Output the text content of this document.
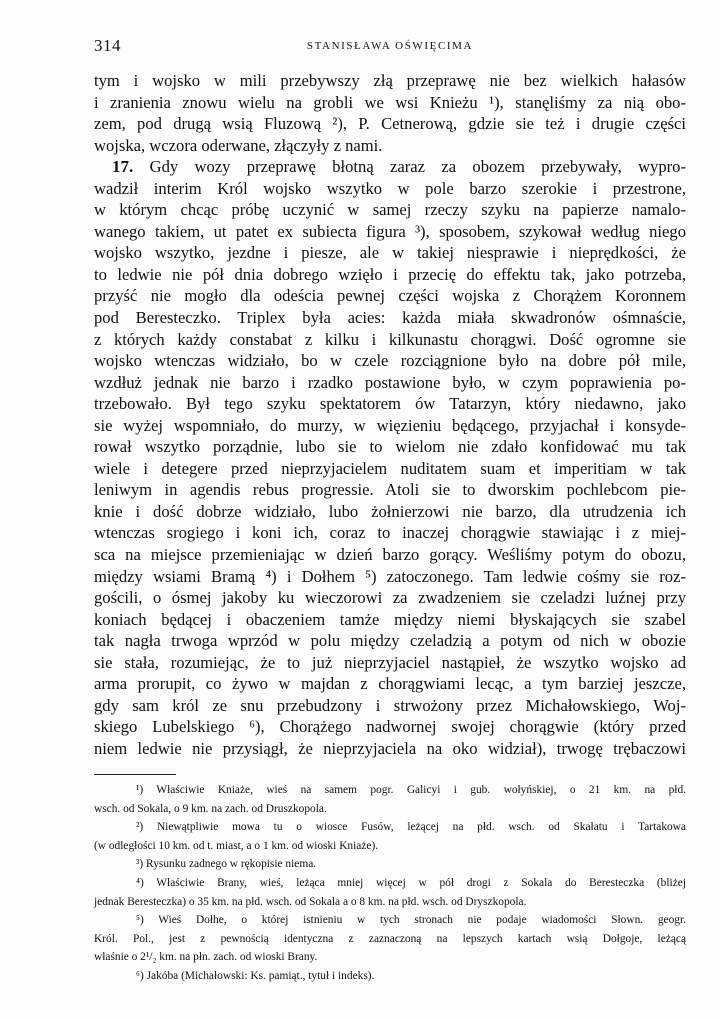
314	STANISŁAWA OŚWIĘCIMA
tym i wojsko w mili przebywszy złą przeprawę nie bez wielkich hałasów
i zranienia znowu wielu na grobli we wsi Knieżu ¹), stanęliśmy za nią obo-
zem, pod drugą wsią Fluzową ²), P. Cetnerową, gdzie sie też i drugie części
wojska, wczora oderwane, złączyły z nami.
17. Gdy wozy przeprawę błotną zaraz za obozem przebywały, wypro-
wadził interim Król wojsko wszytko w pole barzo szerokie i przestrone,
w którym chcąc próbę uczynić w samej rzeczy szyku na papierze namalo-
wanego takiem, ut patet ex subiecta figura ³), sposobem, szykował według niego
wojsko wszytko, jezdne i piesze, ale w takiej niesprawie i nieprędkości, że
to ledwie nie pół dnia dobrego wzięło i przecię do effektu tak, jako potrzeba,
przyść nie mogło dla odeścia pewnej części wojska z Chorążem Koronnem
pod Beresteczko. Triplex była acies: każda miała skwadronów ośmnaście,
z których każdy constabat z kilku i kilkunastu chorągwi. Dość ogromne sie
wojsko wtenczas widziało, bo w czele rozciągnione było na dobre pół mile,
wzdłuż jednak nie barzo i rzadko postawione było, w czym poprawienia po-
trzebowało. Był tego szyku spektatorem ów Tatarzyn, który niedawno, jako
sie wyżej wspomniało, do murzy, w więzieniu będącego, przyjachał i konsyde-
rował wszytko porządnie, lubo sie to wielom nie zdało konfidować mu tak
wiele i detegere przed nieprzyjacielem nuditatem suam et imperitiam w tak
leniwym in agendis rebus progressie. Atoli sie to dworskim pochlebcom pie-
knie i dość dobrze widziało, lubo żołnierzowi nie barzo, dla utrudzenia ich
wtenczas srogiego i koni ich, coraz to inaczej chorągwie stawiając i z miej-
sca na miejsce przemieniając w dzień barzo gorący. Weśliśmy potym do obozu,
między wsiami Bramą ⁴) i Dołhem ⁵) zatoczonego. Tam ledwie cośmy sie roz-
gościli, o ósmej jakoby ku wieczorowi za zwadzeniem sie czeladzi luźnej przy
koniach będącej i obaczeniem tamże między niemi błyskających sie szabel
tak nagła trwoga wprzód w polu między czeladzią a potym od nich w obozie
sie stała, rozumiejąc, że to już nieprzyjaciel nastąpieł, że wszytko wojsko ad
arma prorupit, co żywo w majdan z chorągwiami lecąc, a tym barziej jeszcze,
gdy sam król ze snu przebudzony i strwożony przez Michałowskiego, Woj-
skiego Lubelskiego ⁶), Chorążego nadwornej swojej chorągwie (który przed
niem ledwie nie przysiągł, że nieprzyjaciela na oko widział), trwogę trębaczowi
¹) Właściwie Kniaże, wieś na samem pogr. Galicyi i gub. wołyńskiej, o 21 km. na płd.
wsch. od Sokala, o 9 km. na zach. od Druszkopola.
²) Niewątpliwie mowa tu o wiosce Fusów, leżącej na płd. wsch. od Skałatu i Tartakowa
(w odległości 10 km. od t. miast, a o 1 km. od wioski Kniaże).
³) Rysunku zadnego w rękopisie niema.
⁴) Właściwie Brany, wieś, leżąca mniej więcej w pół drogi z Sokala do Beresteczka (bliżej
jednak Beresteczka) o 35 km. na płd. wsch. od Sokala a o 8 km. na płd. wsch. od Dryszkopola.
⁵) Wieś Dołhe, o której istnieniu w tych stronach nie podaje wiadomości Słown. geogr.
Król. Pol., jest z pewnością identyczna z zaznaczoną na lepszych kartach wsią Dołgoje, leżącą
właśnie o 2¹/₂ km. na płn. zach. od wioski Brany.
⁶) Jakóba (Michałowski: Ks. pamiąt., tytuł i indeks).
